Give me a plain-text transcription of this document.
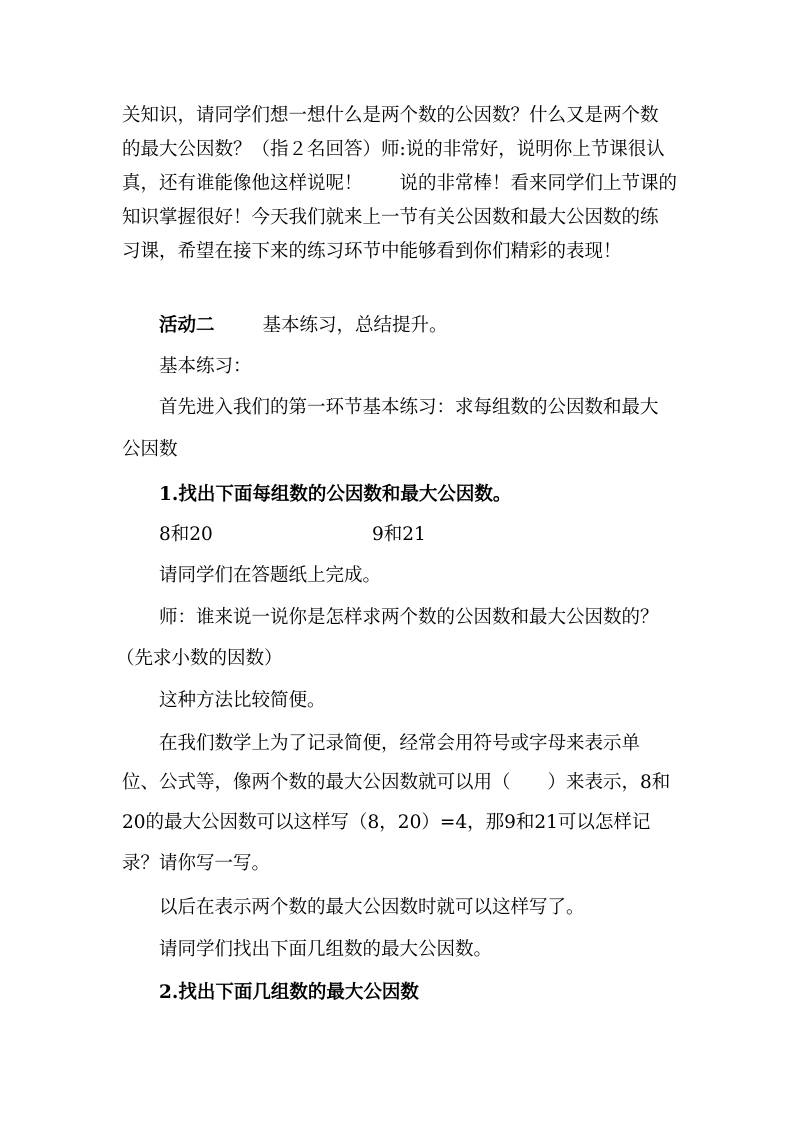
关知识，请同学们想一想什么是两个数的公因数？什么又是两个数
的最大公因数？（指２名回答）师:说的非常好，说明你上节课很认
真，还有谁能像他这样说呢！　　说的非常棒！看来同学们上节课的
知识掌握很好！今天我们就来上一节有关公因数和最大公因数的练
习课，希望在接下来的练习环节中能够看到你们精彩的表现！
活动二	基本练习，总结提升。
基本练习：
首先进入我们的第一环节基本练习：求每组数的公因数和最大
公因数
1.找出下面每组数的公因数和最大公因数。
8和20	9和21
请同学们在答题纸上完成。
师：谁来说一说你是怎样求两个数的公因数和最大公因数的？
（先求小数的因数）
这种方法比较简便。
在我们数学上为了记录简便，经常会用符号或字母来表示单
位、公式等，像两个数的最大公因数就可以用（　　）来表示，8和
20的最大公因数可以这样写（8，20）=4，那9和21可以怎样记
录？请你写一写。
以后在表示两个数的最大公因数时就可以这样写了。
请同学们找出下面几组数的最大公因数。
2.找出下面几组数的最大公因数
